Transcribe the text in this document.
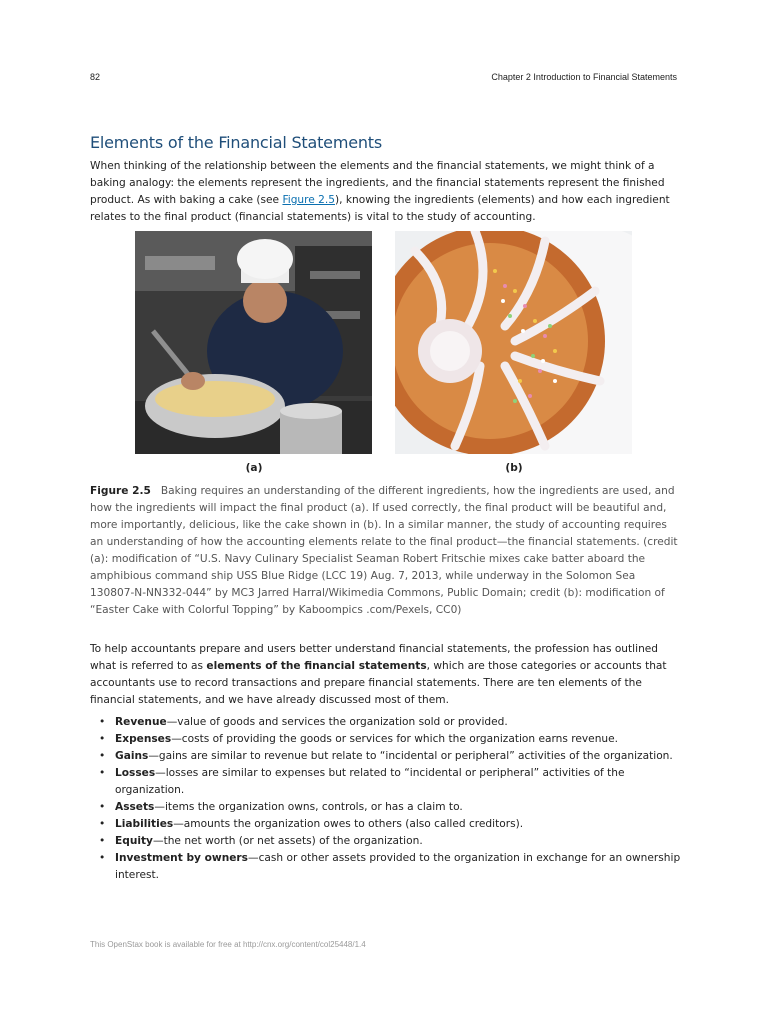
82	Chapter 2 Introduction to Financial Statements
Elements of the Financial Statements

When thinking of the relationship between the elements and the financial statements, we might think of a baking analogy: the elements represent the ingredients, and the financial statements represent the finished product. As with baking a cake (see Figure 2.5), knowing the ingredients (elements) and how each ingredient relates to the final product (financial statements) is vital to the study of accounting.

(a)	(b)

Figure 2.5 Baking requires an understanding of the different ingredients, how the ingredients are used, and how the ingredients will impact the final product (a). If used correctly, the final product will be beautiful and, more importantly, delicious, like the cake shown in (b). In a similar manner, the study of accounting requires an understanding of how the accounting elements relate to the final product—the financial statements. (credit (a): modification of “U.S. Navy Culinary Specialist Seaman Robert Fritschie mixes cake batter aboard the amphibious command ship USS Blue Ridge (LCC 19) Aug. 7, 2013, while underway in the Solomon Sea 130807-N-NN332-044” by MC3 Jarred Harral/Wikimedia Commons, Public Domain; credit (b): modification of “Easter Cake with Colorful Topping” by Kaboompics .com/Pexels, CC0)

To help accountants prepare and users better understand financial statements, the profession has outlined what is referred to as elements of the financial statements, which are those categories or accounts that accountants use to record transactions and prepare financial statements. There are ten elements of the financial statements, and we have already discussed most of them.

• Revenue—value of goods and services the organization sold or provided.
• Expenses—costs of providing the goods or services for which the organization earns revenue.
• Gains—gains are similar to revenue but relate to “incidental or peripheral” activities of the organization.
• Losses—losses are similar to expenses but related to “incidental or peripheral” activities of the organization.
• Assets—items the organization owns, controls, or has a claim to.
• Liabilities—amounts the organization owes to others (also called creditors).
• Equity—the net worth (or net assets) of the organization.
• Investment by owners—cash or other assets provided to the organization in exchange for an ownership interest.
This OpenStax book is available for free at http://cnx.org/content/col25448/1.4
